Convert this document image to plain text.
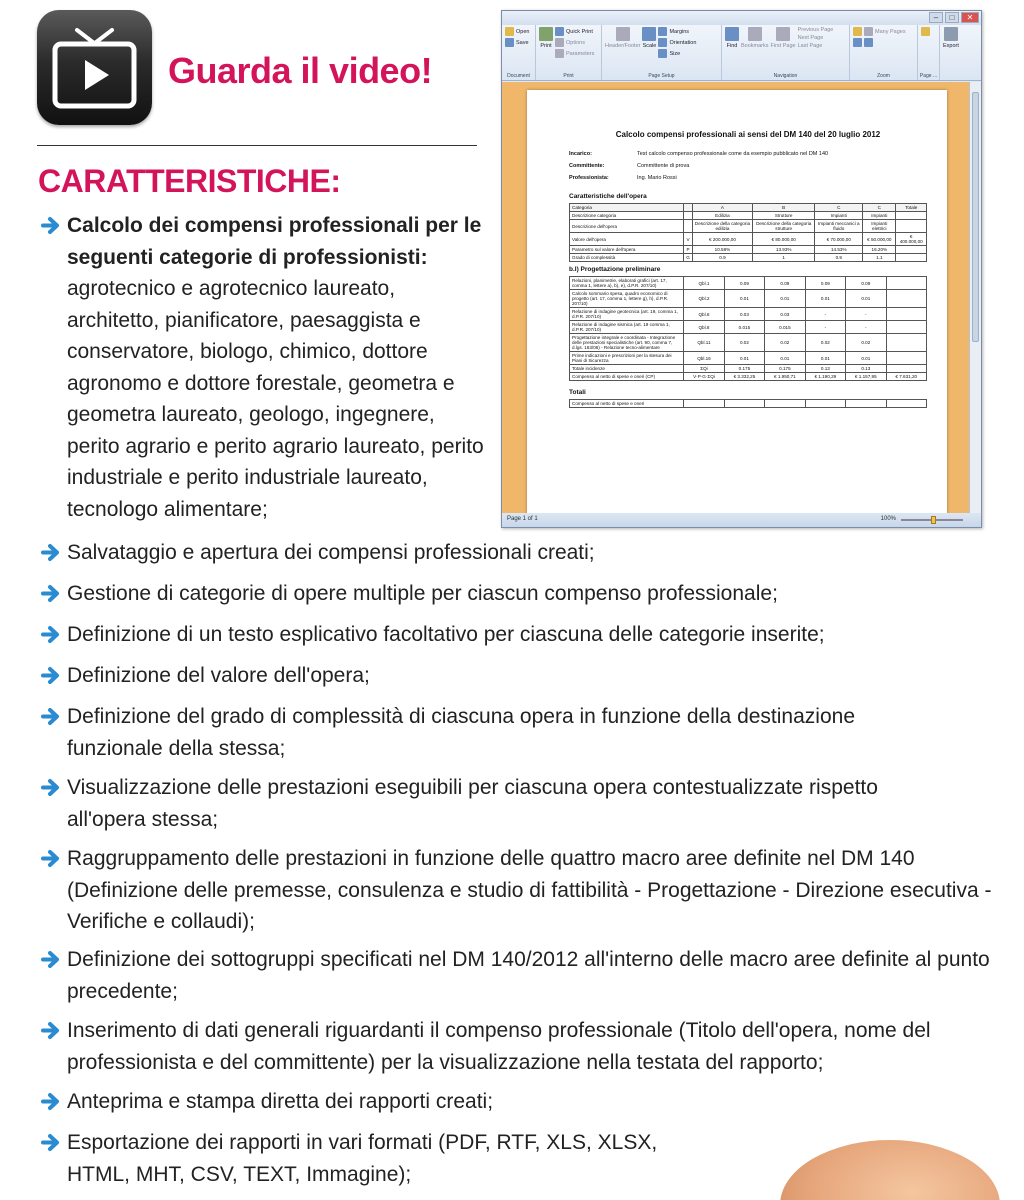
Guarda il video!
CARATTERISTICHE:
Calcolo dei compensi professionali per le seguenti categorie di professionisti:
agrotecnico e agrotecnico laureato, architetto, pianificatore, paesaggista e conservatore, biologo, chimico, dottore agronomo e dottore forestale, geometra e geometra laureato, geologo, ingegnere, perito agrario e perito agrario laureato, perito industriale e perito industriale laureato, tecnologo alimentare;
Salvataggio e apertura dei compensi professionali creati;
Gestione di categorie di opere multiple per ciascun compenso professionale;
Definizione di un testo esplicativo facoltativo per ciascuna delle categorie inserite;
Definizione del valore dell'opera;
Definizione del grado di complessità di ciascuna opera in funzione della destinazione funzionale della stessa;
Visualizzazione delle prestazioni eseguibili per ciascuna opera contestualizzate rispetto all'opera stessa;
Raggruppamento delle prestazioni in funzione delle quattro macro aree definite nel DM 140 (Definizione delle premesse, consulenza e studio di fattibilità - Progettazione - Direzione esecutiva - Verifiche e collaudi);
Definizione dei sottogruppi specificati nel DM 140/2012 all'interno delle macro aree definite al punto precedente;
Inserimento di dati generali riguardanti il compenso professionale (Titolo dell'opera, nome del professionista e del committente) per la visualizzazione nella testata del rapporto;
Anteprima e stampa diretta dei rapporti creati;
Esportazione dei rapporti in vari formati (PDF, RTF, XLS, XLSX, HTML, MHT, CSV, TEXT, Immagine);
–	□	✕
Open
Save
Document
Print
Quick Print
Options
Parameters
Print
Header/Footer Scale
Margins
Orientation
Size
Page Setup
Find Bookmarks First Page
Previous Page
Next Page
Last Page
Navigation
Many Pages
Zoom	Page ...
Export
Calcolo compensi professionali ai sensi del DM 140 del 20 luglio 2012
Incarico:	Test calcolo compenso professionale come da esempio pubblicato nel DM 140
Committente:	Committente di prova
Professionista:	Ing. Mario Rossi
Caratteristiche dell'opera
Categoria		A	B	C	C	Totale
Descrizione categoria		Edilizia	Strutture	Impianti	Impianti	
Descrizione dell'opera		Descrizione della categoria edilizia	Descrizione della categoria strutture	Impianti meccanici a fluido	Impianti elettrici	
Valore dell'opera	V	€ 200.000,00	€ 80.000,00	€ 70.000,00	€ 50.000,00	€ 400.000,00
Parametro sul valore dell'opera	P	10.58%	13.93%	14.53%	16.20%	
Grado di complessità	G	0.9	1	0.9	1.1	
b.I) Progettazione preliminare
Relazioni, planimetrie, elaborati grafici (art. 17, comma 1, lettere a), b), e), d.P.R. 207/10)	Qbl.1	0.09	0.09	0.09	0.09	
Calcolo sommario spesa, quadro economico di progetto (art. 17, comma 1, lettere g), h), d.P.R. 207/10)	Qbl.2	0.01	0.01	0.01	0.01	
Relazione di indagine geotecnica (art. 19, comma 1, d.P.R. 207/10)	Qbl.6	0.03	0.03	-	-	
Relazione di indagine sismica (art. 19 comma 1, d.P.R. 207/10)	Qbl.8	0.015	0.015	-	-	
Progettazione integrale e coordinata - Integrazione delle prestazioni specialistiche (art. 90, comma 7, d.lgs. 163/06) - Relazione tecno-alimentare	Qbl.11	0.02	0.02	0.02	0.02	
Prime indicazioni e prescrizioni per la stesura dei Piani di Sicurezza	Qbl.16	0.01	0.01	0.01	0.01	
Totale incidenze	ΣQi	0.175	0.175	0.13	0.13	
Compenso al netto di spese e oneri (CP)	V·P·G·ΣQi	€ 3.332,25	€ 1.950,71	€ 1.190,29	€ 1.157,95	€ 7.631,20
Totali
Compenso al netto di spese e oneri						
Page 1 of 1	100%
